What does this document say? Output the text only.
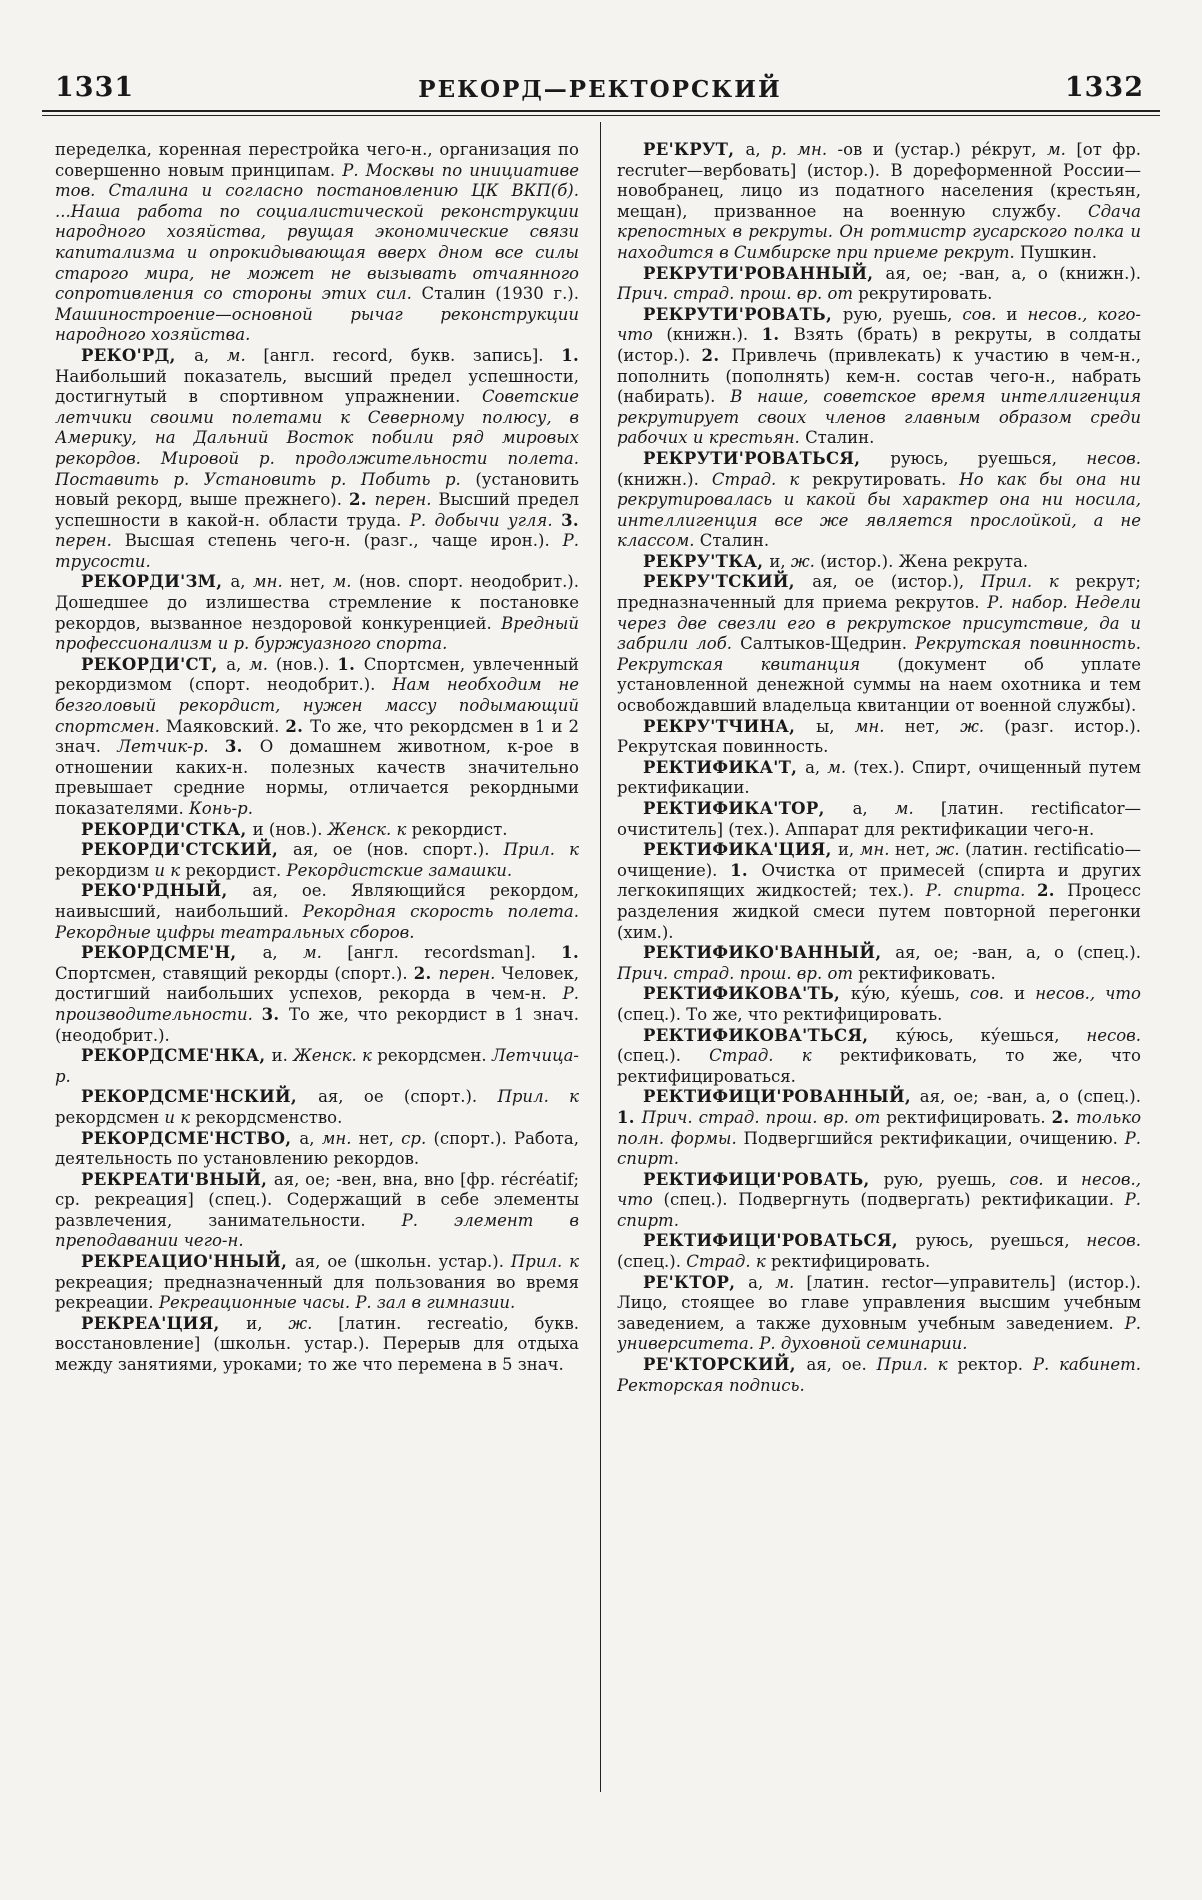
1331	РЕКОРД—РЕКТОРСКИЙ	1332

переделка, коренная перестройка чего-н., организация по совершенно новым принципам. Р. Москвы по инициативе тов. Сталина и согласно постановлению ЦК ВКП(б). ...Наша работа по социалистической реконструкции народного хозяйства, рвущая экономические связи капитализма и опрокидывающая вверх дном все силы старого мира, не может не вызывать отчаянного сопротивления со стороны этих сил. Сталин (1930 г.). Машиностроение—основной рычаг реконструкции народного хозяйства.

РЕКО'РД, а, м. [англ. record, букв. запись]. 1. Наибольший показатель, высший предел успешности, достигнутый в спортивном упражнении. Советские летчики своими полетами к Северному полюсу, в Америку, на Дальний Восток побили ряд мировых рекордов. Мировой р. продолжительности полета. Поставить р. Установить р. Побить р. (установить новый рекорд, выше прежнего). 2. перен. Высший предел успешности в какой-н. области труда. Р. добычи угля. 3. перен. Высшая степень чего-н. (разг., чаще ирон.). Р. трусости.

РЕКОРДИ'ЗМ, а, мн. нет, м. (нов. спорт. неодобрит.). Дошедшее до излишества стремление к постановке рекордов, вызванное нездоровой конкуренцией. Вредный профессионализм и р. буржуазного спорта.

РЕКОРДИ'СТ, а, м. (нов.). 1. Спортсмен, увлеченный рекордизмом (спорт. неодобрит.). Нам необходим не безголовый рекордист, нужен массу подымающий спортсмен. Маяковский. 2. То же, что рекордсмен в 1 и 2 знач. Летчик-р. 3. О домашнем животном, к-рое в отношении каких-н. полезных качеств значительно превышает средние нормы, отличается рекордными показателями. Конь-р.

РЕКОРДИ'СТКА, и (нов.). Женск. к рекордист.

РЕКОРДИ'СТСКИЙ, ая, ое (нов. спорт.). Прил. к рекордизм и к рекордист. Рекордистские замашки.

РЕКО'РДНЫЙ, ая, ое. Являющийся рекордом, наивысший, наибольший. Рекордная скорость полета. Рекордные цифры театральных сборов.

РЕКОРДСМЕ'Н, а, м. [англ. recordsman]. 1. Спортсмен, ставящий рекорды (спорт.). 2. перен. Человек, достигший наибольших успехов, рекорда в чем-н. Р. производительности. 3. То же, что рекордист в 1 знач. (неодобрит.).

РЕКОРДСМЕ'НКА, и. Женск. к рекордсмен. Летчица-р.

РЕКОРДСМЕ'НСКИЙ, ая, ое (спорт.). Прил. к рекордсмен и к рекордсменство.

РЕКОРДСМЕ'НСТВО, а, мн. нет, ср. (спорт.). Работа, деятельность по установлению рекордов.

РЕКРЕАТИ'ВНЫЙ, ая, ое; -вен, вна, вно [фр. récréatif; ср. рекреация] (спец.). Содержащий в себе элементы развлечения, занимательности. Р. элемент в преподавании чего-н.

РЕКРЕАЦИО'ННЫЙ, ая, ое (школьн. устар.). Прил. к рекреация; предназначенный для пользования во время рекреации. Рекреационные часы. Р. зал в гимназии.

РЕКРЕА'ЦИЯ, и, ж. [латин. recreatio, букв. восстановление] (школьн. устар.). Перерыв для отдыха между занятиями, уроками; то же что перемена в 5 знач.

РЕ'КРУТ, а, р. мн. -ов и (устар.) ре́крут, м. [от фр. recruter—вербовать] (истор.). В дореформенной России—новобранец, лицо из податного населения (крестьян, мещан), призванное на военную службу. Сдача крепостных в рекруты. Он ротмистр гусарского полка и находится в Симбирске при приеме рекрут. Пушкин.

РЕКРУТИ'РОВАННЫЙ, ая, ое; -ван, а, о (книжн.). Прич. страд. прош. вр. от рекрутировать.

РЕКРУТИ'РОВАТЬ, рую, руешь, сов. и несов., кого-что (книжн.). 1. Взять (брать) в рекруты, в солдаты (истор.). 2. Привлечь (привлекать) к участию в чем-н., пополнить (пополнять) кем-н. состав чего-н., набрать (набирать). В наше, советское время интеллигенция рекрутирует своих членов главным образом среди рабочих и крестьян. Сталин.

РЕКРУТИ'РОВАТЬСЯ, руюсь, руешься, несов. (книжн.). Страд. к рекрутировать. Но как бы она ни рекрутировалась и какой бы характер она ни носила, интеллигенция все же является прослойкой, а не классом. Сталин.

РЕКРУ'ТКА, и, ж. (истор.). Жена рекрута.

РЕКРУ'ТСКИЙ, ая, ое (истор.), Прил. к рекрут; предназначенный для приема рекрутов. Р. набор. Недели через две свезли его в рекрутское присутствие, да и забрили лоб. Салтыков-Щедрин. Рекрутская повинность. Рекрутская квитанция (документ об уплате установленной денежной суммы на наем охотника и тем освобождавший владельца квитанции от военной службы).

РЕКРУ'ТЧИНА, ы, мн. нет, ж. (разг. истор.). Рекрутская повинность.

РЕКТИФИКА'Т, а, м. (тех.). Спирт, очищенный путем ректификации.

РЕКТИФИКА'ТОР, а, м. [латин. rectificator—очиститель] (тех.). Аппарат для ректификации чего-н.

РЕКТИФИКА'ЦИЯ, и, мн. нет, ж. (латин. rectificatio—очищение). 1. Очистка от примесей (спирта и других легкокипящих жидкостей; тех.). Р. спирта. 2. Процесс разделения жидкой смеси путем повторной перегонки (хим.).

РЕКТИФИКО'ВАННЫЙ, ая, ое; -ван, а, о (спец.). Прич. страд. прош. вр. от ректификовать.

РЕКТИФИКОВА'ТЬ, ку́ю, ку́ешь, сов. и несов., что (спец.). То же, что ректифицировать.

РЕКТИФИКОВА'ТЬСЯ, ку́юсь, ку́ешься, несов. (спец.). Страд. к ректификовать, то же, что ректифицироваться.

РЕКТИФИЦИ'РОВАННЫЙ, ая, ое; -ван, а, о (спец.). 1. Прич. страд. прош. вр. от ректифицировать. 2. только полн. формы. Подвергшийся ректификации, очищению. Р. спирт.

РЕКТИФИЦИ'РОВАТЬ, рую, руешь, сов. и несов., что (спец.). Подвергнуть (подвергать) ректификации. Р. спирт.

РЕКТИФИЦИ'РОВАТЬСЯ, руюсь, руешься, несов. (спец.). Страд. к ректифицировать.

РЕ'КТОР, а, м. [латин. rector—управитель] (истор.). Лицо, стоящее во главе управления высшим учебным заведением, а также духовным учебным заведением. Р. университета. Р. духовной семинарии.

РЕ'КТОРСКИЙ, ая, ое. Прил. к ректор. Р. кабинет. Ректорская подпись.
